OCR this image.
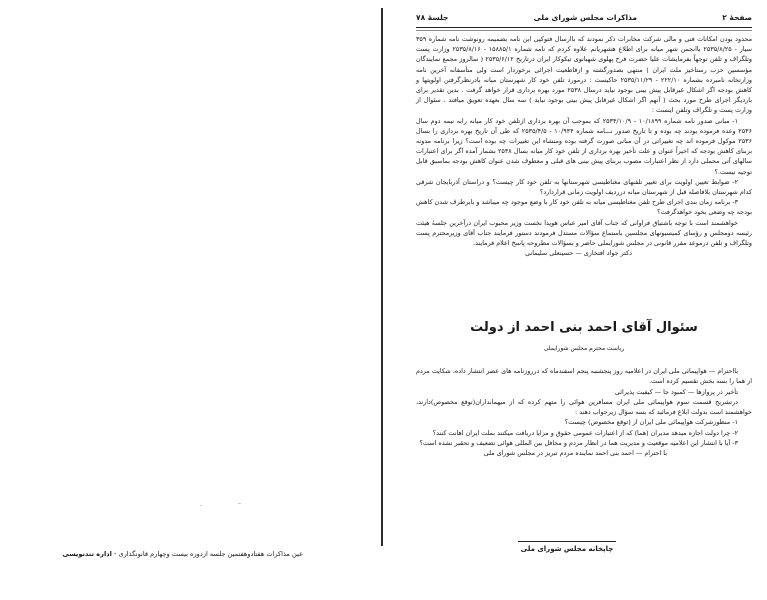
عین مذاکرات هفتادوهفتمین جلسه ازدوره بیست وچهارم قانونگذاری - اداره تندنویسی
صفحهٔ ۲
مذاکرات مجلس شورای ملی
جلسهٔ ۷۸

محدود بودن امکانات فنی و مالی شرکت مخابرات ذکر نمودند که باارسال فتوکپی این نامه بضمیمه رونوشت نامه شماره ۳۵۹ سیار - ۲۵۳۵/۸/۲۵ باانجمن شهر میانه برای اطلاع هشهریانم علاوه کردم که نامه شماره ۱۵۸۸۵/۱ - ۲۵۳۵/۸/۱۶ وزارت پست وتلگراف و تلفن توجهاً بفرمایشات علیا حضرت فرح پهلوی شهبانوی تیکوکار ایران درتاریخ ۲۵۳۵/۶/۱۲ ( سالروز مجمع نمایندگان مؤسسین حزب رستاخیز ملت ایران ) منتهی بصدورگشته و ازقاطعیت اجرائی برخوردار است ولی متأسفانه آخرین نامه وزارتخانه نامبرده بشماره ۲۲۲/۱۰ - ۲۵۳۵/۱۱/۲۹ حاکیست : درمورد تلفن خود کار شهرستان میانه بادرنظرگرفتن اولویتها و کاهش بودجه اگر اشکال غیرقابل پیش بینی بوجود نیاید درسال ۲۵۳۸ مورد بهره برداری قرار خواهد گرفت . بدین تقدیر برای باردیگر اجرای طرح مورد بحث ( آنهم اگر اشکال غیرقابل پیش بینی بوجود نیاید ) سه سال بعهده تعویق میافتد . سئوال از وزارت پست و تلگراف وتلفن اینست :

۱- مبانی صدور نامه شماره ۱۰/۱۸۹۹ - ۲۵۳۴/۱۰/۹ که بموجب آن بهره برداری ازتلفن خود کار میانه رابه نیمه دوم سال ۲۵۳۶ وعده فرموده بودند چه بوده و تا تاریخ صدور نـــامه شماره ۱۰/۹۴۴ - ۲۵۳۵/۴/۵ که طی آن تاریخ بهره برداری را بسال ۲۵۳۶ موکول فرموده اند چه تغییراتی در آن مبانی صورت گرفته بوده ومنشاء این تغییرات چه بوده است؟ زیرا برنامه مدونه بربنای کاهش بودجه که اخیراً عنوان و علت تأخیر بهره برداری از تلفن خود کار میانه بسال ۲۵۳۸ بشمار آمده اگر برای اعتبارات سالهای آتی محملی دارد از نظر اعتبارات مصوب بربنای پیش بینی های قبلی و معطوف شدن عنوان کاهش بودجه بماسبق قابل توجیه نیست.؟

۲- ضوابط تعیین اولویت برای تغییر تلفنهای مغناطیسی شهرستانها به تلفن خود کار چیست؟ و دراستان آذربایجان شرقی کدام شهرستان بلافاصله قبل از شهرستان میانه درردیف اولویت زمانی قراردارد؟

۳- برنامه زمان بندی اجرای طرح تلفن مغناطیسی میانه به تلفن خود کار با وضع موجود چه میباشد و بابرطرف شدن کاهش بودجه چه وضعی بخود خواهدگرفت؟

خواهشمند است با توجه باشتیاق فراوانی که جناب آقای امیر عباس هویدا نخست وزیر محبوب ایران درآخرین جلسهٔ هیئت رئیسه دومجلس و رؤسای کمیسیونهای مجلسین باستماع سؤالات مستدل فرمودند دستور فرمایند جناب آقای وزیرمحترم پست وتلگراف و تلفن درموعد مقرر قانونی در مجلس شورایملی حاضر و بسؤالات مطروحه پاسخ اعلام فرمایند.

دکتر جواد افتخاری — حسینعلی سلیمانی

سئوال آقای احمد بنی احمد از دولت
ریاست محترم مجلس شورایملی

بااحترام — هواپیمائی ملی ایران در اعلامیه روز پنجشنبه پنجم اسفندماه که درروزنامه های عصر انتشار داده، شکایت مردم از هما را بسه بخش تقسیم کرده است.

تأخیر در پروازها — کمبود جا — کیفیت پذیرائی

درتشریح قسمت سوم هواپیمائی ملی ایران مسافرین هوائی را متهم کرده که از میهمانداران(توقع مخصوص)دارند، خواهشمند است بدولت ابلاغ فرمائید که بسه سؤال زیرجواب دهند :

۱- منظورشرکت هواپیمائی ملی ایران از (توقع مخصوص) چیست؟

۲- چرا دولت اجازه میدهد مدیران (هما) که از اعتبارات عمومی حقوق و مزایا دریافت میکنند بملت ایران اهانت کنند؟

۳- آیا با انتشار این اعلامیه موقعیت و مدیریت هما در انظار مردم و محافل بین المللی هوائی تضعیف و تحقیر نشده است؟

با احترام — احمد بنی احمد نماینده مردم تبریز در مجلس شورای ملی

چاپخانه مجلس شورای ملی
